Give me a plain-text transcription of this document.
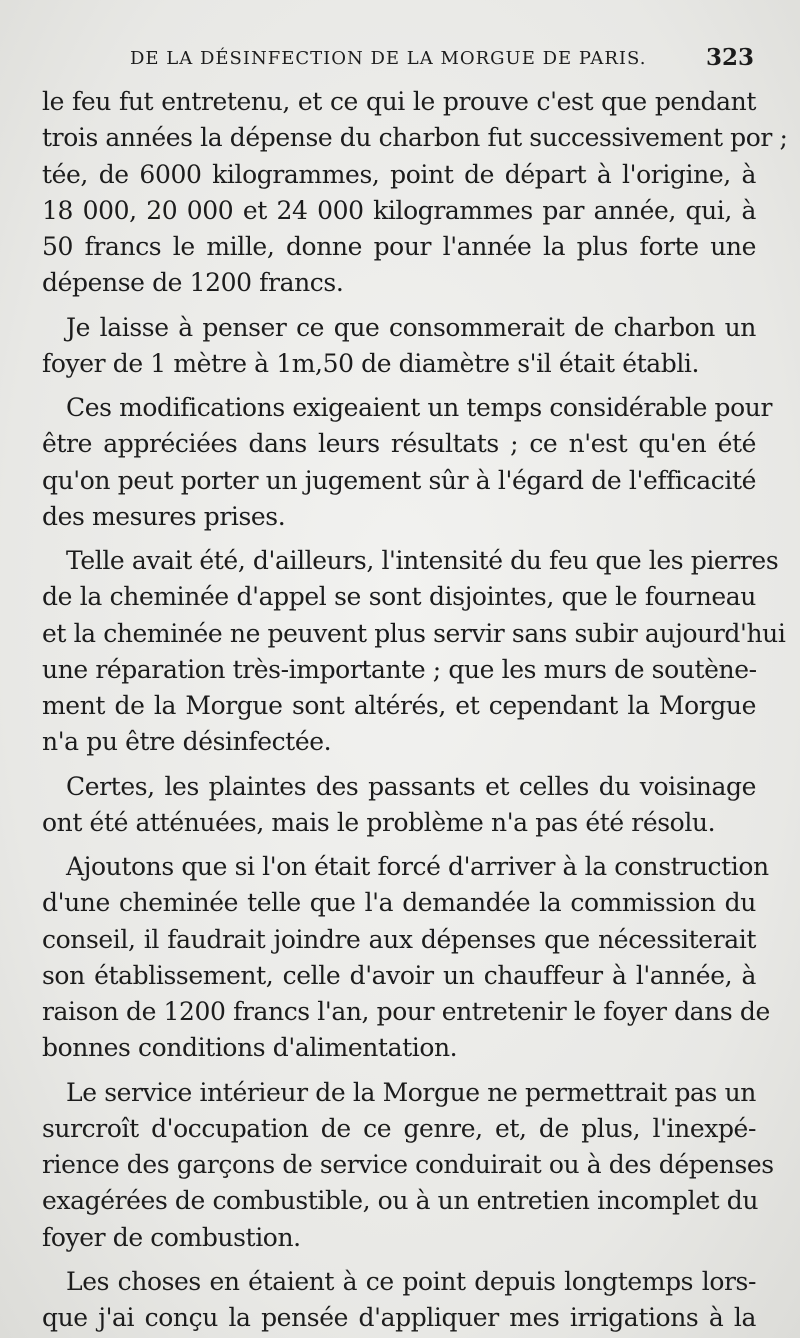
DE LA DÉSINFECTION DE LA MORGUE DE PARIS.	323
le feu fut entretenu, et ce qui le prouve c'est que pendant
trois années la dépense du charbon fut successivement por ;
tée, de 6000 kilogrammes, point de départ à l'origine, à
18 000, 20 000 et 24 000 kilogrammes par année, qui, à
50 francs le mille, donne pour l'année la plus forte une
dépense de 1200 francs.
Je laisse à penser ce que consommerait de charbon un
foyer de 1 mètre à 1m,50 de diamètre s'il était établi.
Ces modifications exigeaient un temps considérable pour
être appréciées dans leurs résultats ; ce n'est qu'en été
qu'on peut porter un jugement sûr à l'égard de l'efficacité
des mesures prises.
Telle avait été, d'ailleurs, l'intensité du feu que les pierres
de la cheminée d'appel se sont disjointes, que le fourneau
et la cheminée ne peuvent plus servir sans subir aujourd'hui
une réparation très-importante ; que les murs de soutène-
ment de la Morgue sont altérés, et cependant la Morgue
n'a pu être désinfectée.
Certes, les plaintes des passants et celles du voisinage
ont été atténuées, mais le problème n'a pas été résolu.
Ajoutons que si l'on était forcé d'arriver à la construction
d'une cheminée telle que l'a demandée la commission du
conseil, il faudrait joindre aux dépenses que nécessiterait
son établissement, celle d'avoir un chauffeur à l'année, à
raison de 1200 francs l'an, pour entretenir le foyer dans de
bonnes conditions d'alimentation.
Le service intérieur de la Morgue ne permettrait pas un
surcroît d'occupation de ce genre, et, de plus, l'inexpé-
rience des garçons de service conduirait ou à des dépenses
exagérées de combustible, ou à un entretien incomplet du
foyer de combustion.
Les choses en étaient à ce point depuis longtemps lors-
que j'ai conçu la pensée d'appliquer mes irrigations à la
